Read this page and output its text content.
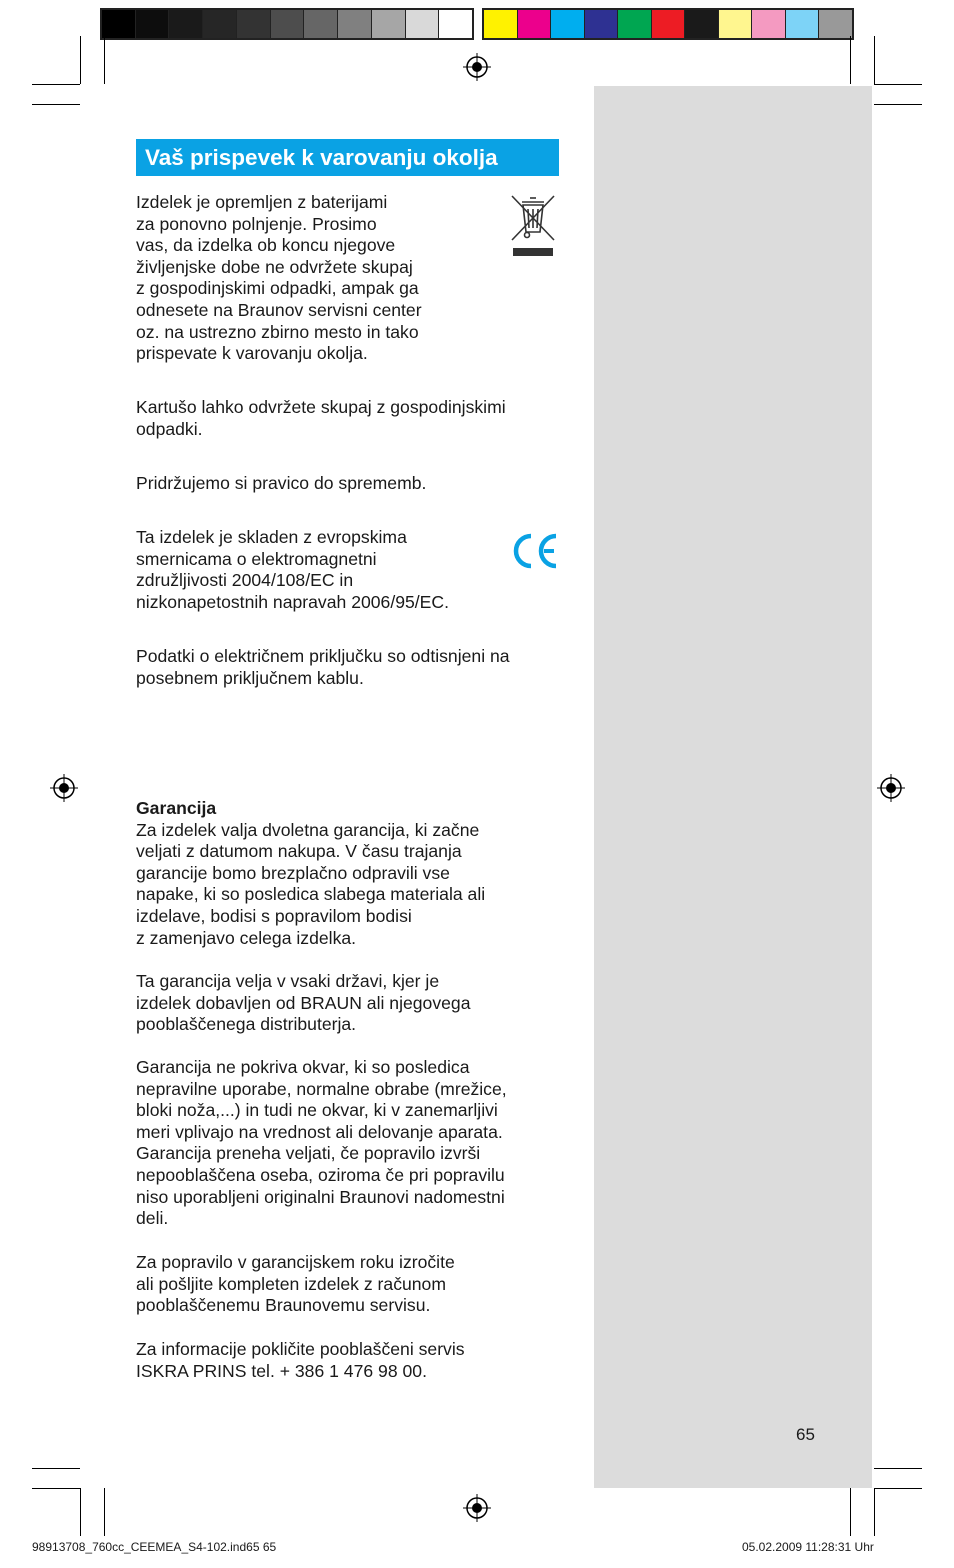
Vaš prispevek k varovanju okolja
Izdelek je opremljen z baterijami
za ponovno polnjenje. Prosimo
vas, da izdelka ob koncu njegove
življenjske dobe ne odvržete skupaj
z gospodinjskimi odpadki, ampak ga
odnesete na Braunov servisni center
oz. na ustrezno zbirno mesto in tako
prispevate k varovanju okolja.
Kartušo lahko odvržete skupaj z gospodinjskimi
odpadki.
Pridržujemo si pravico do sprememb.
Ta izdelek je skladen z evropskima
smernicama o elektromagnetni
združljivosti 2004/108/EC in
nizkonapetostnih napravah 2006/95/EC.
Podatki o električnem priključku so odtisnjeni na
posebnem priključnem kablu.
Garancija
Za izdelek valja dvoletna garancija, ki začne
veljati z datumom nakupa. V času trajanja
garancije bomo brezplačno odpravili vse
napake, ki so posledica slabega materiala ali
izdelave, bodisi s popravilom bodisi
z zamenjavo celega izdelka.
Ta garancija velja v vsaki državi, kjer je
izdelek dobavljen od BRAUN ali njegovega
pooblaščenega distributerja.
Garancija ne pokriva okvar, ki so posledica
nepravilne uporabe, normalne obrabe (mrežice,
bloki noža,...) in tudi ne okvar, ki v zanemarljivi
meri vplivajo na vrednost ali delovanje aparata.
Garancija preneha veljati, če popravilo izvrši
nepooblaščena oseba, oziroma če pri popravilu
niso uporabljeni originalni Braunovi nadomestni
deli.
Za popravilo v garancijskem roku izročite
ali pošljite kompleten izdelek z računom
pooblaščenemu Braunovemu servisu.
Za informacije pokličite pooblaščeni servis
ISKRA PRINS tel. + 386 1 476 98 00.
65
98913708_760cc_CEEMEA_S4-102.ind65 65	05.02.2009 11:28:31 Uhr
